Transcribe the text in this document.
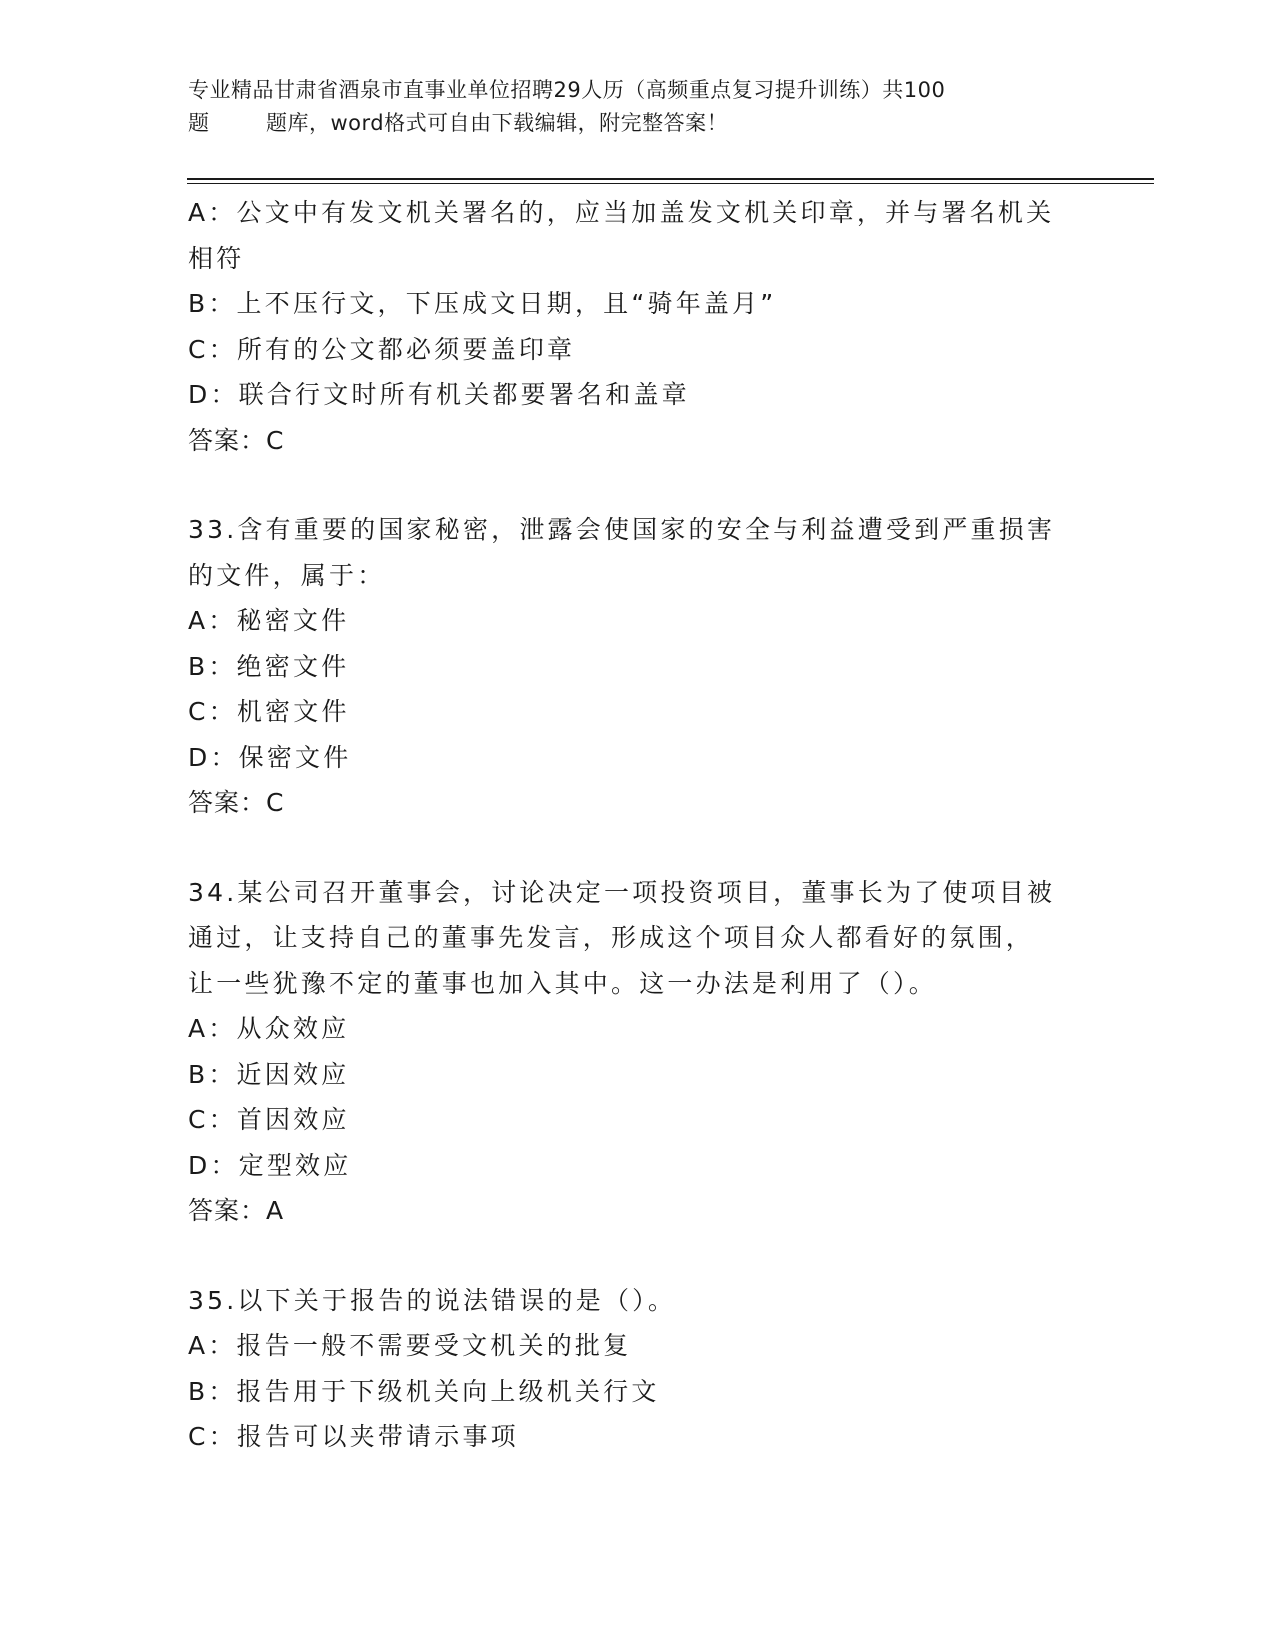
专业精品甘肃省酒泉市直事业单位招聘29人历（高频重点复习提升训练）共100
题	题库，word格式可自由下载编辑，附完整答案！
A：公文中有发文机关署名的，应当加盖发文机关印章，并与署名机关
相符
B：上不压行文，下压成文日期，且“骑年盖月”
C：所有的公文都必须要盖印章
D：联合行文时所有机关都要署名和盖章
答案：C
33.含有重要的国家秘密，泄露会使国家的安全与利益遭受到严重损害
的文件，属于：
A：秘密文件
B：绝密文件
C：机密文件
D：保密文件
答案：C
34.某公司召开董事会，讨论决定一项投资项目，董事长为了使项目被
通过，让支持自己的董事先发言，形成这个项目众人都看好的氛围，
让一些犹豫不定的董事也加入其中。这一办法是利用了（）。
A：从众效应
B：近因效应
C：首因效应
D：定型效应
答案：A
35.以下关于报告的说法错误的是（）。
A：报告一般不需要受文机关的批复
B：报告用于下级机关向上级机关行文
C：报告可以夹带请示事项
